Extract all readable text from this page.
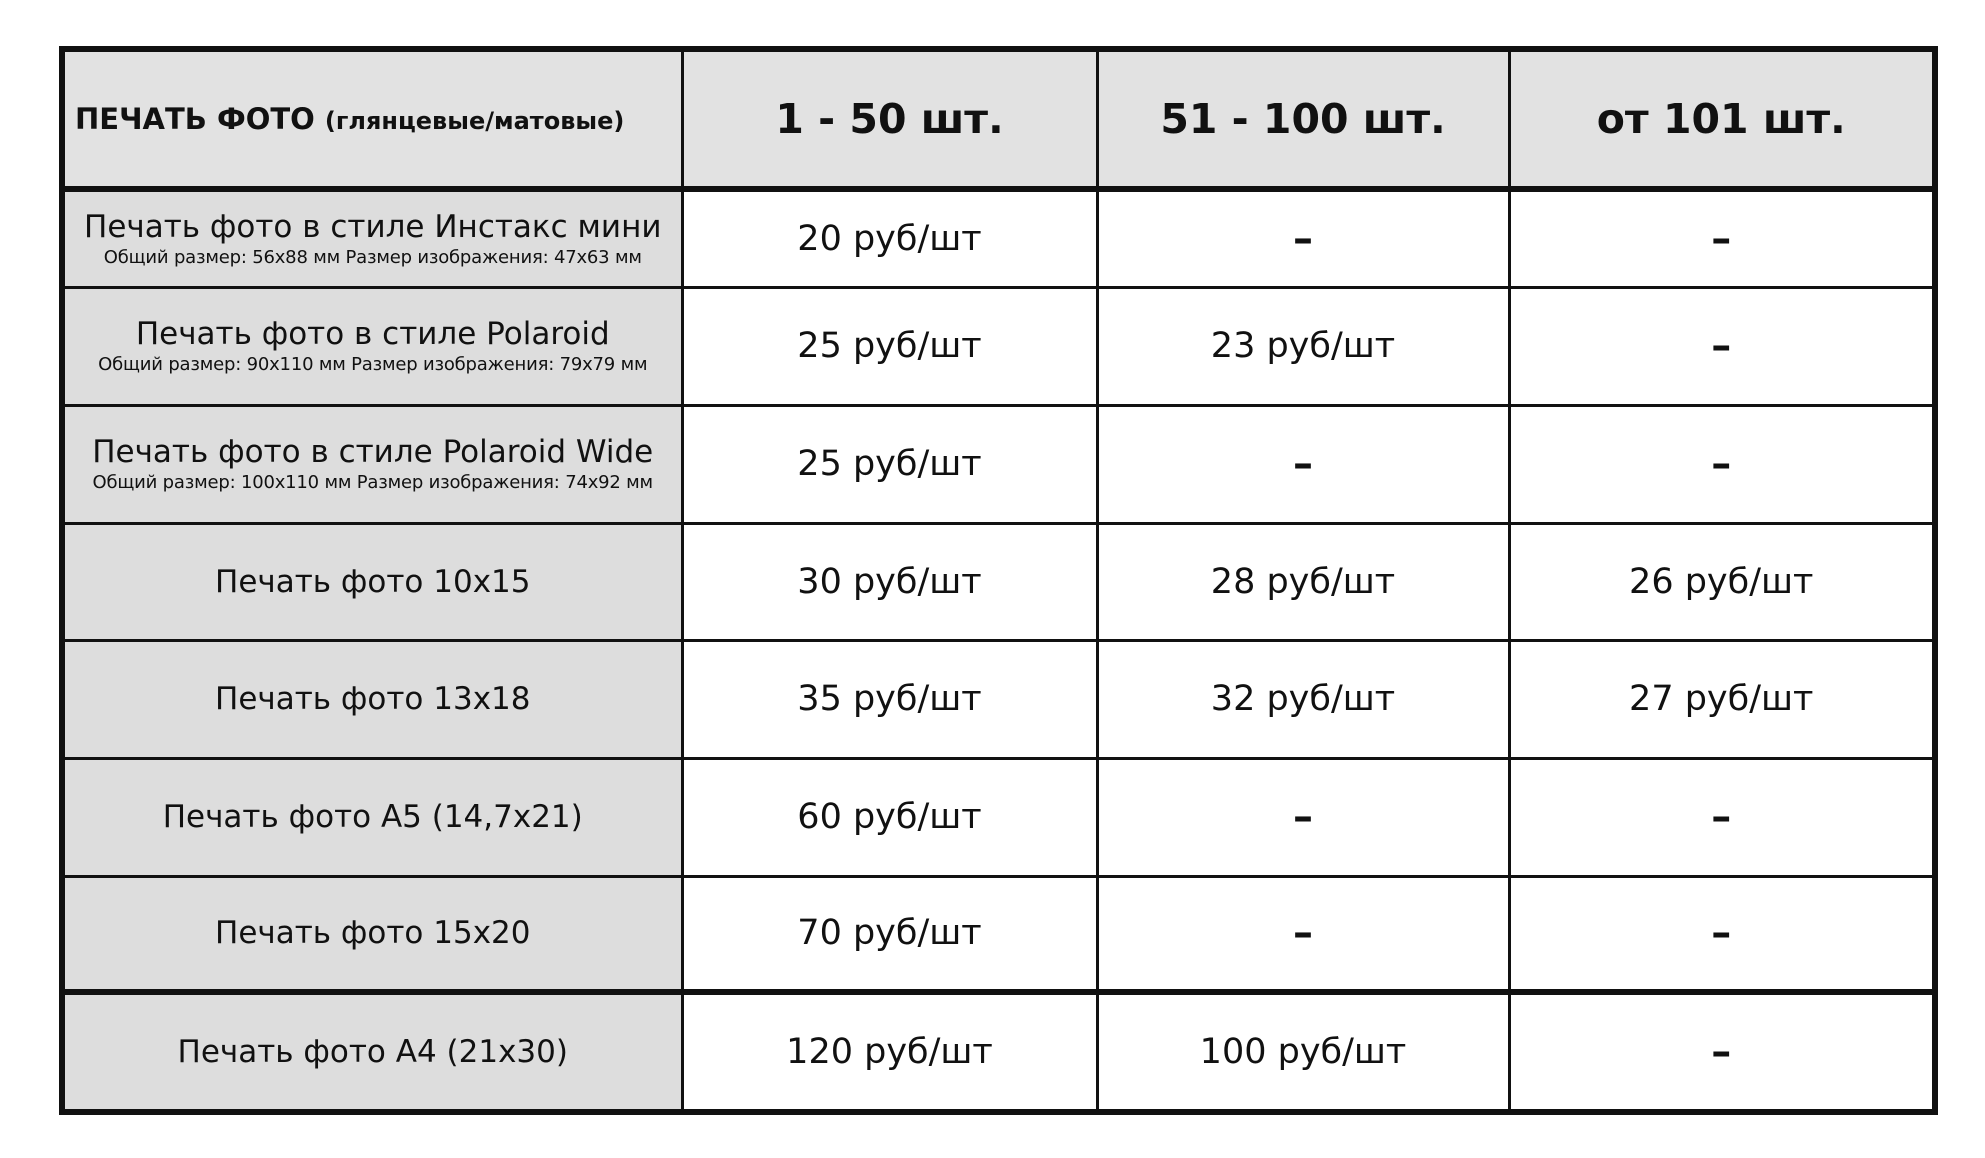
ПЕЧАТЬ ФОТО (глянцевые/матовые)	1 - 50 шт.	51 - 100 шт.	от 101 шт.

Печать фото в стиле Инстакс мини
Общий размер: 56x88 мм Размер изображения: 47x63 мм	20 руб/шт	–	–

Печать фото в стиле Polaroid
Общий размер: 90x110 мм Размер изображения: 79x79 мм	25 руб/шт	23 руб/шт	–

Печать фото в стиле Polaroid Wide
Общий размер: 100x110 мм Размер изображения: 74x92 мм	25 руб/шт	–	–

Печать фото 10х15	30 руб/шт	28 руб/шт	26 руб/шт

Печать фото 13х18	35 руб/шт	32 руб/шт	27 руб/шт

Печать фото А5 (14,7х21)	60 руб/шт	–	–

Печать фото 15х20	70 руб/шт	–	–

Печать фото А4 (21х30)	120 руб/шт	100 руб/шт	–
